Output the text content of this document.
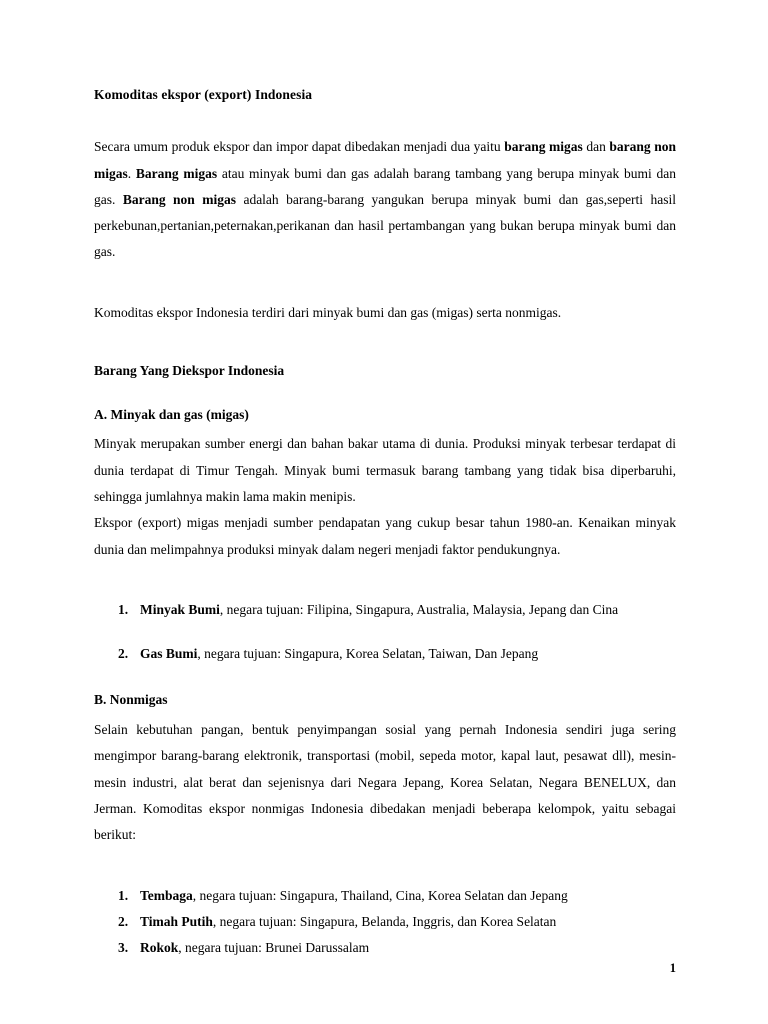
Komoditas ekspor (export) Indonesia

Secara umum produk ekspor dan impor dapat dibedakan menjadi dua yaitu barang migas dan barang non migas. Barang migas atau minyak bumi dan gas adalah barang tambang yang berupa minyak bumi dan gas. Barang non migas adalah barang-barang yangukan berupa minyak bumi dan gas,seperti hasil perkebunan,pertanian,peternakan,perikanan dan hasil pertambangan yang bukan berupa minyak bumi dan gas.

Komoditas ekspor Indonesia terdiri dari minyak bumi dan gas (migas) serta nonmigas.

Barang Yang Diekspor Indonesia
A. Minyak dan gas (migas)

Minyak merupakan sumber energi dan bahan bakar utama di dunia. Produksi minyak terbesar terdapat di dunia terdapat di Timur Tengah. Minyak bumi termasuk barang tambang yang tidak bisa diperbaruhi, sehingga jumlahnya makin lama makin menipis.

Ekspor (export) migas menjadi sumber pendapatan yang cukup besar tahun 1980-an. Kenaikan minyak dunia dan melimpahnya produksi minyak dalam negeri menjadi faktor pendukungnya.

1. Minyak Bumi, negara tujuan: Filipina, Singapura, Australia, Malaysia, Jepang dan Cina
2. Gas Bumi, negara tujuan: Singapura, Korea Selatan, Taiwan, Dan Jepang
B. Nonmigas

Selain kebutuhan pangan, bentuk penyimpangan sosial yang pernah Indonesia sendiri juga sering mengimpor barang-barang elektronik, transportasi (mobil, sepeda motor, kapal laut, pesawat dll), mesin-mesin industri, alat berat dan sejenisnya dari Negara Jepang, Korea Selatan, Negara BENELUX, dan Jerman. Komoditas ekspor nonmigas Indonesia dibedakan menjadi beberapa kelompok, yaitu sebagai berikut:

1. Tembaga, negara tujuan: Singapura, Thailand, Cina, Korea Selatan dan Jepang
2. Timah Putih, negara tujuan: Singapura, Belanda, Inggris, dan Korea Selatan
3. Rokok, negara tujuan: Brunei Darussalam
1
